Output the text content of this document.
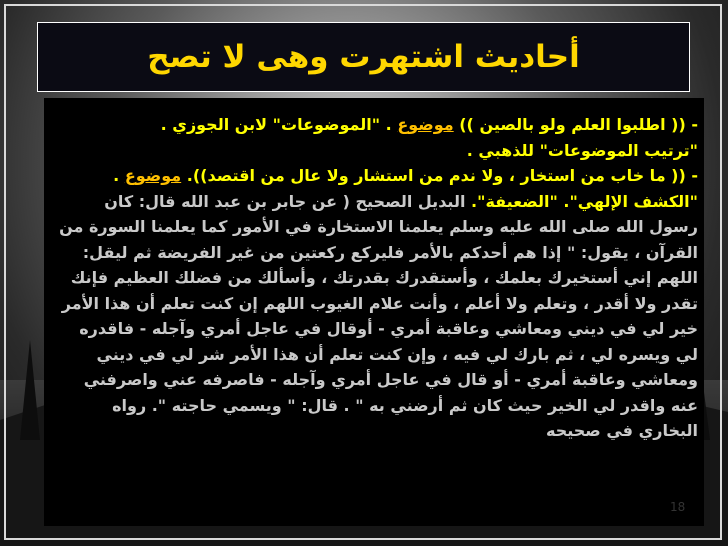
أحاديث اشتهرت وهى لا تصح

- (( اطلبوا العلم ولو بالصين )) موضوع . "الموضوعات" لابن الجوزي .

"ترتيب الموضوعات" للذهبي .

- (( ما خاب من استخار ، ولا ندم من استشار ولا عال من اقتصد)). موضوع . "الكشف الإلهي". "الضعيفة". البديل الصحيح ( عن جابر بن عبد الله قال: كان رسول الله صلى الله عليه وسلم يعلمنا الاستخارة في الأمور كما يعلمنا السورة من القرآن ، يقول: " إذا هم أحدكم بالأمر فليركع ركعتين من غير الفريضة ثم ليقل: اللهم إني أستخيرك بعلمك ، وأستقدرك بقدرتك ، وأسألك من فضلك العظيم فإنك تقدر ولا أقدر ، وتعلم ولا أعلم ، وأنت علام الغيوب اللهم إن كنت تعلم أن هذا الأمر خير لي في ديني ومعاشي وعاقبة أمري - أوقال في عاجل أمري وآجله - فاقدره لي ويسره لي ، ثم بارك لي فيه ، وإن كنت تعلم أن هذا الأمر شر لي في ديني ومعاشي وعاقبة أمري - أو قال في عاجل أمري وآجله - فاصرفه عني واصرفني عنه واقدر لي الخير حيث كان ثم أرضني به " . قال: " ويسمي حاجته ". رواه البخاري في صحيحه

18
